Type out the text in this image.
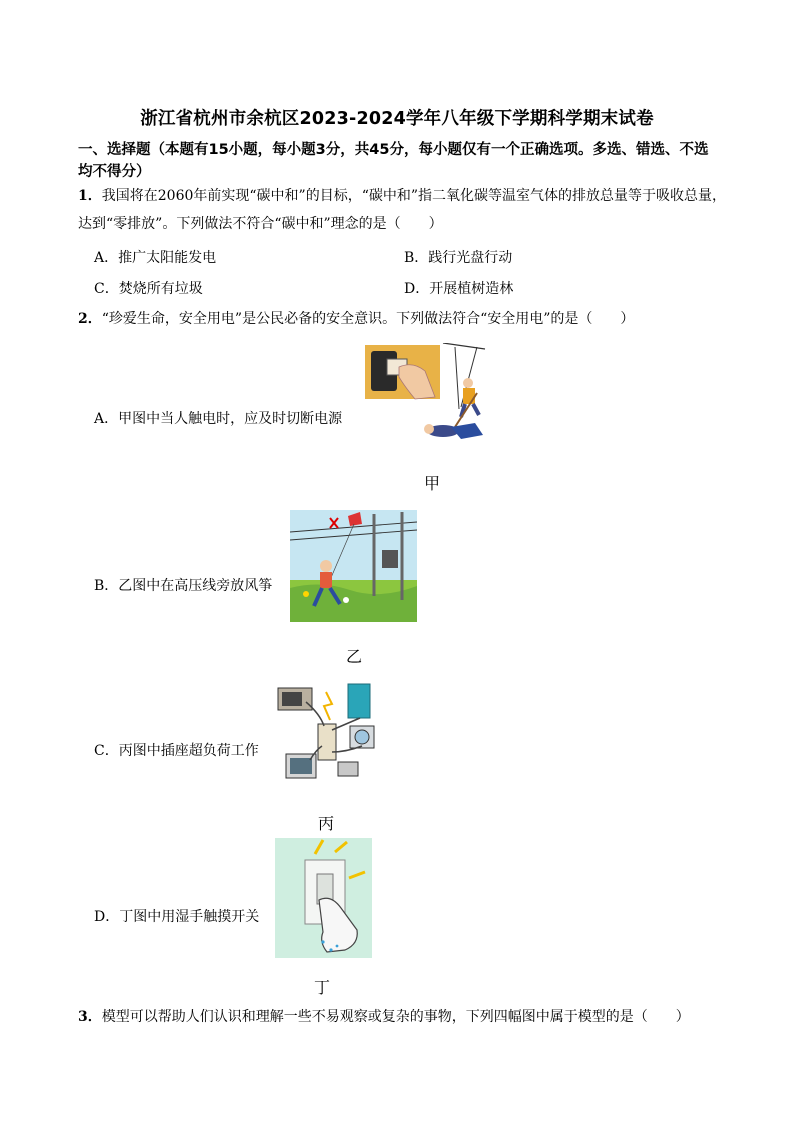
浙江省杭州市余杭区2023-2024学年八年级下学期科学期末试卷
一、选择题（本题有15小题，每小题3分，共45分，每小题仅有一个正确选项。多选、错选、不选均不得分）
1．我国将在2060年前实现“碳中和”的目标，“碳中和”指二氧化碳等温室气体的排放总量等于吸收总量，达到“零排放”。下列做法不符合“碳中和”理念的是（　　）
A．推广太阳能发电	B．践行光盘行动
C．焚烧所有垃圾	D．开展植树造林
2．“珍爱生命，安全用电”是公民必备的安全意识。下列做法符合“安全用电”的是（　　）
A．甲图中当人触电时，应及时切断电源
甲
B．乙图中在高压线旁放风筝
乙
C．丙图中插座超负荷工作
丙
D．丁图中用湿手触摸开关
丁
3．模型可以帮助人们认识和理解一些不易观察或复杂的事物，下列四幅图中属于模型的是（　　）
